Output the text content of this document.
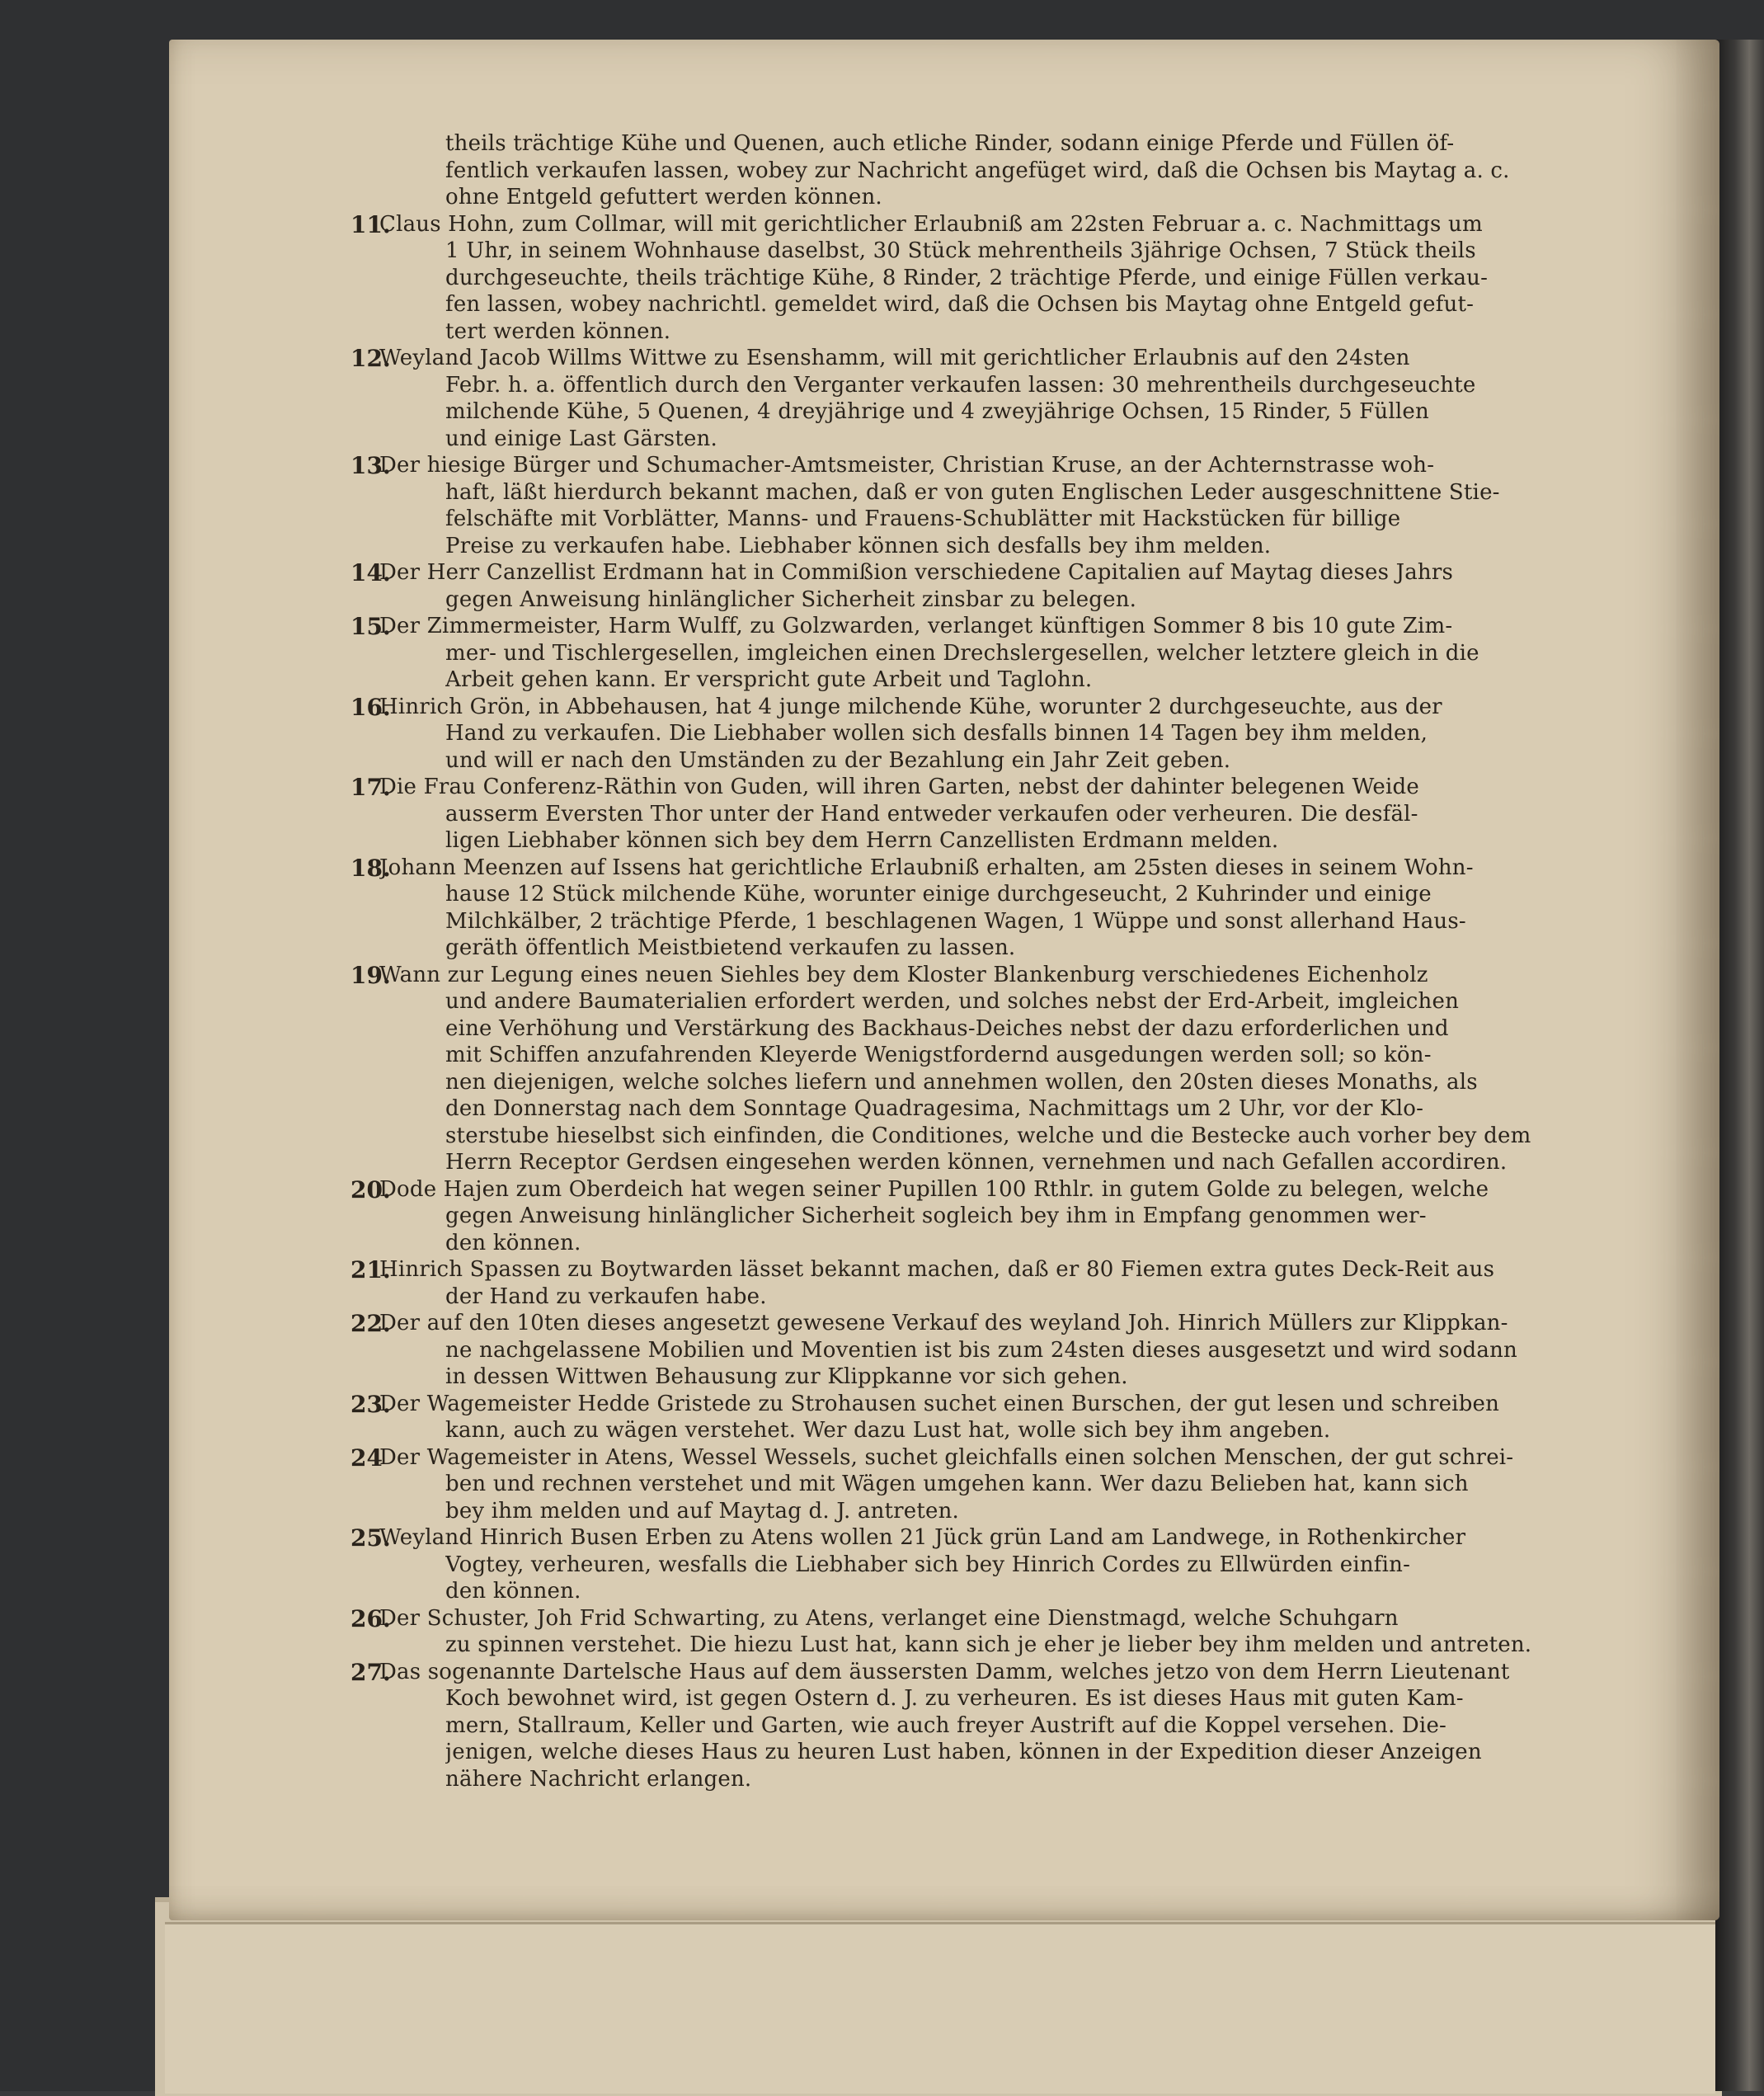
theils trächtige Kühe und Quenen, auch etliche Rinder, sodann einige Pferde und Füllen öf-
fentlich verkaufen lassen, wobey zur Nachricht angefüget wird, daß die Ochsen bis Maytag a. c.
ohne Entgeld gefuttert werden können.
11.
Claus Hohn, zum Collmar, will mit gerichtlicher Erlaubniß am 22sten Februar a. c. Nachmittags um
1 Uhr, in seinem Wohnhause daselbst, 30 Stück mehrentheils 3jährige Ochsen, 7 Stück theils
durchgeseuchte, theils trächtige Kühe, 8 Rinder, 2 trächtige Pferde, und einige Füllen verkau-
fen lassen, wobey nachrichtl. gemeldet wird, daß die Ochsen bis Maytag ohne Entgeld gefut-
tert werden können.
12.
Weyland Jacob Willms Wittwe zu Esenshamm, will mit gerichtlicher Erlaubnis auf den 24sten
Febr. h. a. öffentlich durch den Verganter verkaufen lassen: 30 mehrentheils durchgeseuchte
milchende Kühe, 5 Quenen, 4 dreyjährige und 4 zweyjährige Ochsen, 15 Rinder, 5 Füllen
und einige Last Gärsten.
13.
Der hiesige Bürger und Schumacher-Amtsmeister, Christian Kruse, an der Achternstrasse woh-
haft, läßt hierdurch bekannt machen, daß er von guten Englischen Leder ausgeschnittene Stie-
felschäfte mit Vorblätter, Manns- und Frauens-Schublätter mit Hackstücken für billige
Preise zu verkaufen habe. Liebhaber können sich desfalls bey ihm melden.
14.
Der Herr Canzellist Erdmann hat in Commißion verschiedene Capitalien auf Maytag dieses Jahrs
gegen Anweisung hinlänglicher Sicherheit zinsbar zu belegen.
15.
Der Zimmermeister, Harm Wulff, zu Golzwarden, verlanget künftigen Sommer 8 bis 10 gute Zim-
mer- und Tischlergesellen, imgleichen einen Drechslergesellen, welcher letztere gleich in die
Arbeit gehen kann. Er verspricht gute Arbeit und Taglohn.
16.
Hinrich Grön, in Abbehausen, hat 4 junge milchende Kühe, worunter 2 durchgeseuchte, aus der
Hand zu verkaufen. Die Liebhaber wollen sich desfalls binnen 14 Tagen bey ihm melden,
und will er nach den Umständen zu der Bezahlung ein Jahr Zeit geben.
17.
Die Frau Conferenz-Räthin von Guden, will ihren Garten, nebst der dahinter belegenen Weide
ausserm Eversten Thor unter der Hand entweder verkaufen oder verheuren. Die desfäl-
ligen Liebhaber können sich bey dem Herrn Canzellisten Erdmann melden.
18.
Johann Meenzen auf Issens hat gerichtliche Erlaubniß erhalten, am 25sten dieses in seinem Wohn-
hause 12 Stück milchende Kühe, worunter einige durchgeseucht, 2 Kuhrinder und einige
Milchkälber, 2 trächtige Pferde, 1 beschlagenen Wagen, 1 Wüppe und sonst allerhand Haus-
geräth öffentlich Meistbietend verkaufen zu lassen.
19.
Wann zur Legung eines neuen Siehles bey dem Kloster Blankenburg verschiedenes Eichenholz
und andere Baumaterialien erfordert werden, und solches nebst der Erd-Arbeit, imgleichen
eine Verhöhung und Verstärkung des Backhaus-Deiches nebst der dazu erforderlichen und
mit Schiffen anzufahrenden Kleyerde Wenigstfordernd ausgedungen werden soll; so kön-
nen diejenigen, welche solches liefern und annehmen wollen, den 20sten dieses Monaths, als
den Donnerstag nach dem Sonntage Quadragesima, Nachmittags um 2 Uhr, vor der Klo-
sterstube hieselbst sich einfinden, die Conditiones, welche und die Bestecke auch vorher bey dem
Herrn Receptor Gerdsen eingesehen werden können, vernehmen und nach Gefallen accordiren.
20.
Dode Hajen zum Oberdeich hat wegen seiner Pupillen 100 Rthlr. in gutem Golde zu belegen, welche
gegen Anweisung hinlänglicher Sicherheit sogleich bey ihm in Empfang genommen wer-
den können.
21.
Hinrich Spassen zu Boytwarden lässet bekannt machen, daß er 80 Fiemen extra gutes Deck-Reit aus
der Hand zu verkaufen habe.
22.
Der auf den 10ten dieses angesetzt gewesene Verkauf des weyland Joh. Hinrich Müllers zur Klippkan-
ne nachgelassene Mobilien und Moventien ist bis zum 24sten dieses ausgesetzt und wird sodann
in dessen Wittwen Behausung zur Klippkanne vor sich gehen.
23.
Der Wagemeister Hedde Gristede zu Strohausen suchet einen Burschen, der gut lesen und schreiben
kann, auch zu wägen verstehet. Wer dazu Lust hat, wolle sich bey ihm angeben.
24
Der Wagemeister in Atens, Wessel Wessels, suchet gleichfalls einen solchen Menschen, der gut schrei-
ben und rechnen verstehet und mit Wägen umgehen kann. Wer dazu Belieben hat, kann sich
bey ihm melden und auf Maytag d. J. antreten.
25.
Weyland Hinrich Busen Erben zu Atens wollen 21 Jück grün Land am Landwege, in Rothenkircher
Vogtey, verheuren, wesfalls die Liebhaber sich bey Hinrich Cordes zu Ellwürden einfin-
den können.
26.
Der Schuster, Joh Frid Schwarting, zu Atens, verlanget eine Dienstmagd, welche Schuhgarn
zu spinnen verstehet. Die hiezu Lust hat, kann sich je eher je lieber bey ihm melden und antreten.
27.
Das sogenannte Dartelsche Haus auf dem äussersten Damm, welches jetzo von dem Herrn Lieutenant
Koch bewohnet wird, ist gegen Ostern d. J. zu verheuren. Es ist dieses Haus mit guten Kam-
mern, Stallraum, Keller und Garten, wie auch freyer Austrift auf die Koppel versehen. Die-
jenigen, welche dieses Haus zu heuren Lust haben, können in der Expedition dieser Anzeigen
nähere Nachricht erlangen.
